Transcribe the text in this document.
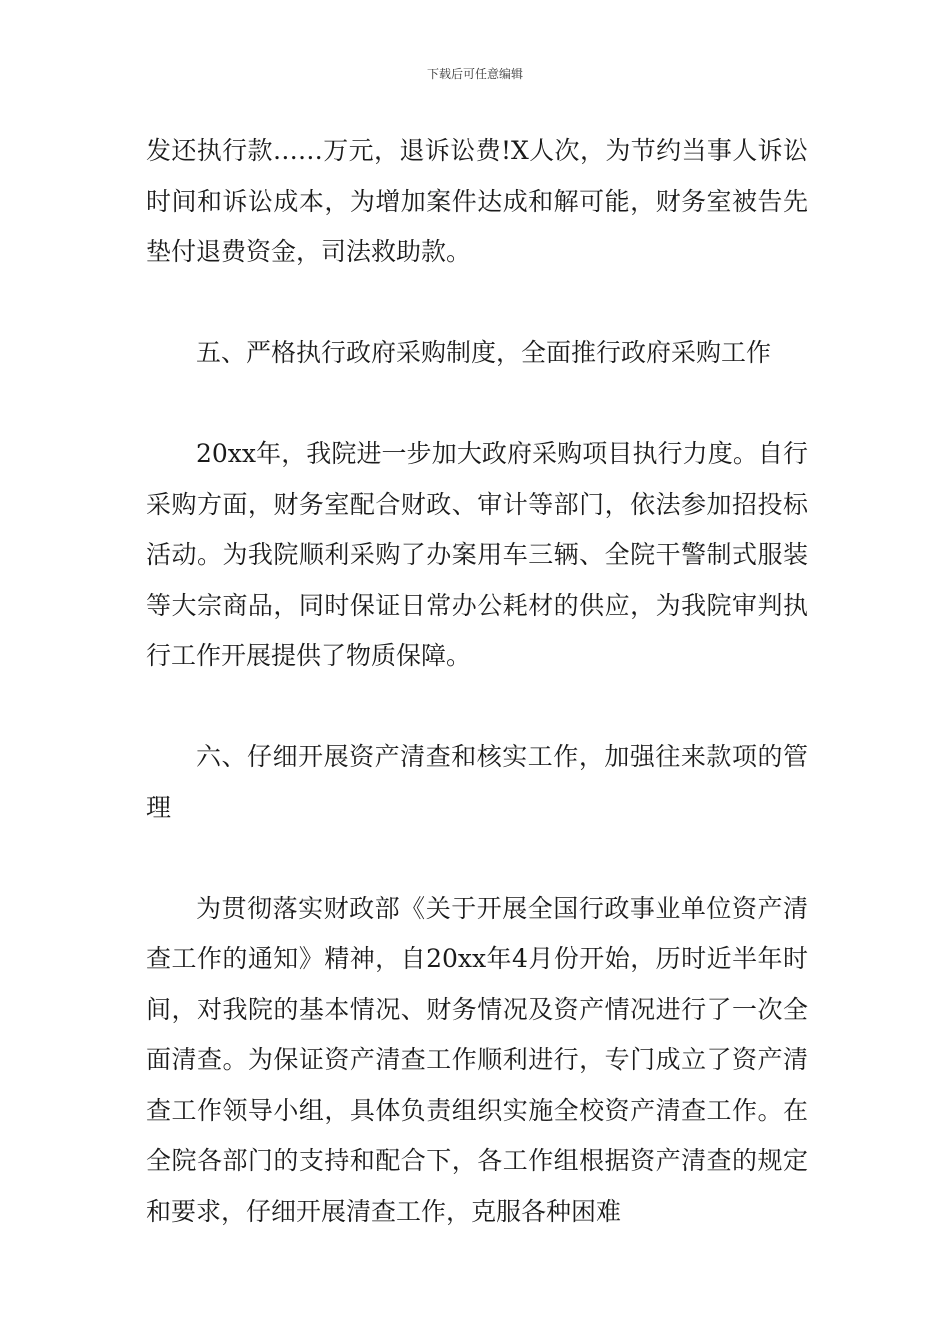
下载后可任意编辑

发还执行款……万元，退诉讼费!X人次，为节约当事人诉讼时间和诉讼成本，为增加案件达成和解可能，财务室被告先垫付退费资金，司法救助款。

五、严格执行政府采购制度，全面推行政府采购工作

20xx年，我院进一步加大政府采购项目执行力度。自行采购方面，财务室配合财政、审计等部门，依法参加招投标活动。为我院顺利采购了办案用车三辆、全院干警制式服装等大宗商品，同时保证日常办公耗材的供应，为我院审判执行工作开展提供了物质保障。

六、仔细开展资产清查和核实工作，加强往来款项的管理

为贯彻落实财政部《关于开展全国行政事业单位资产清查工作的通知》精神，自20xx年4月份开始，历时近半年时间，对我院的基本情况、财务情况及资产情况进行了一次全面清查。为保证资产清查工作顺利进行，专门成立了资产清查工作领导小组，具体负责组织实施全校资产清查工作。在全院各部门的支持和配合下，各工作组根据资产清查的规定和要求，仔细开展清查工作，克服各种困难
